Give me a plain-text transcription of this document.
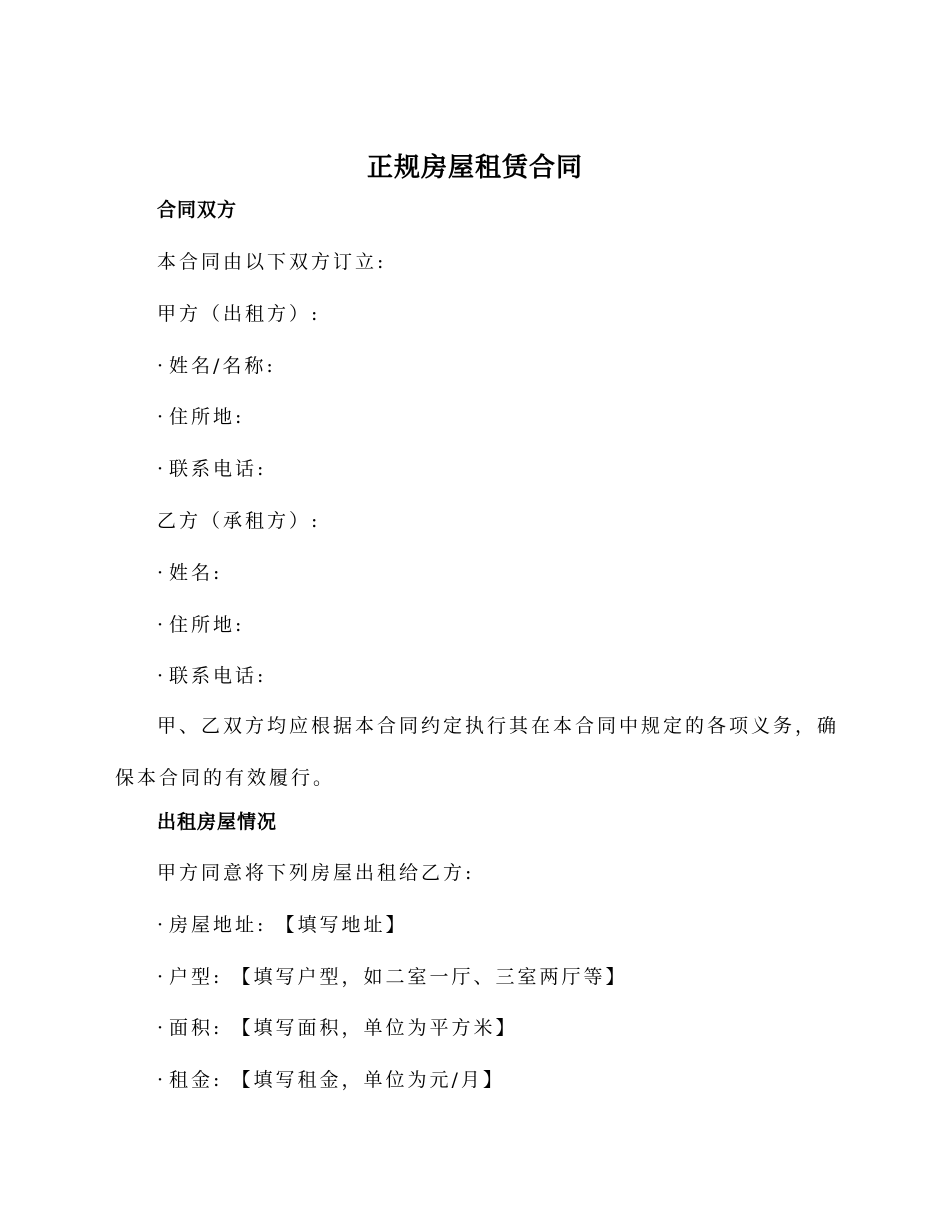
正规房屋租赁合同
合同双方
本合同由以下双方订立:
甲方（出租方）:
· 姓名/名称:
· 住所地:
· 联系电话:
乙方（承租方）:
· 姓名:
· 住所地:
· 联系电话:
甲、乙双方均应根据本合同约定执行其在本合同中规定的各项义务，确保本合同的有效履行。
出租房屋情况
甲方同意将下列房屋出租给乙方:
· 房屋地址: 【填写地址】
· 户型: 【填写户型，如二室一厅、三室两厅等】
· 面积: 【填写面积，单位为平方米】
· 租金: 【填写租金，单位为元/月】
